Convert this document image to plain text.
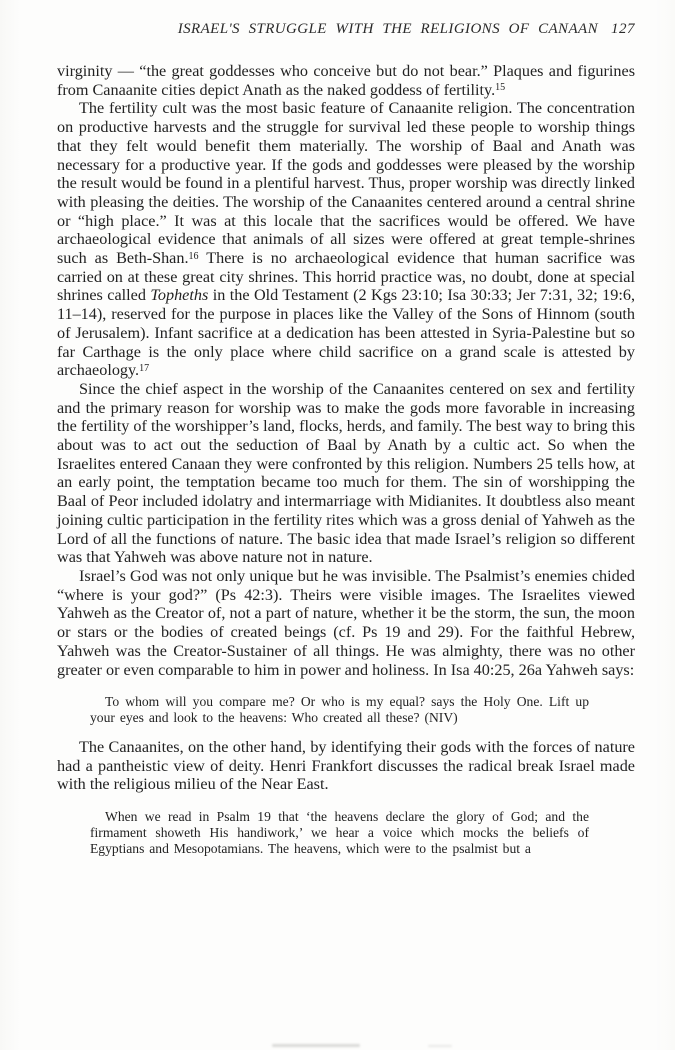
ISRAEL'S STRUGGLE WITH THE RELIGIONS OF CANAAN 127

virginity — “the great goddesses who conceive but do not bear.” Plaques and figurines from Canaanite cities depict Anath as the naked goddess of fertility.$^{15}$

The fertility cult was the most basic feature of Canaanite religion. The concentration on productive harvests and the struggle for survival led these people to worship things that they felt would benefit them materially. The worship of Baal and Anath was necessary for a productive year. If the gods and goddesses were pleased by the worship the result would be found in a plentiful harvest. Thus, proper worship was directly linked with pleasing the deities. The worship of the Canaanites centered around a central shrine or “high place.” It was at this locale that the sacrifices would be offered. We have archaeological evidence that animals of all sizes were offered at great temple-shrines such as Beth-Shan.$^{16}$ There is no archaeological evidence that human sacrifice was carried on at these great city shrines. This horrid practice was, no doubt, done at special shrines called Topheths in the Old Testament (2 Kgs 23:10; Isa 30:33; Jer 7:31, 32; 19:6, 11–14), reserved for the purpose in places like the Valley of the Sons of Hinnom (south of Jerusalem). Infant sacrifice at a dedication has been attested in Syria-Palestine but so far Carthage is the only place where child sacrifice on a grand scale is attested by archaeology.$^{17}$

Since the chief aspect in the worship of the Canaanites centered on sex and fertility and the primary reason for worship was to make the gods more favorable in increasing the fertility of the worshipper’s land, flocks, herds, and family. The best way to bring this about was to act out the seduction of Baal by Anath by a cultic act. So when the Israelites entered Canaan they were confronted by this religion. Numbers 25 tells how, at an early point, the temptation became too much for them. The sin of worshipping the Baal of Peor included idolatry and intermarriage with Midianites. It doubtless also meant joining cultic participation in the fertility rites which was a gross denial of Yahweh as the Lord of all the functions of nature. The basic idea that made Israel’s religion so different was that Yahweh was above nature not in nature.

Israel’s God was not only unique but he was invisible. The Psalmist’s enemies chided “where is your god?” (Ps 42:3). Theirs were visible images. The Israelites viewed Yahweh as the Creator of, not a part of nature, whether it be the storm, the sun, the moon or stars or the bodies of created beings (cf. Ps 19 and 29). For the faithful Hebrew, Yahweh was the Creator-Sustainer of all things. He was almighty, there was no other greater or even comparable to him in power and holiness. In Isa 40:25, 26a Yahweh says:

To whom will you compare me? Or who is my equal? says the Holy One. Lift up your eyes and look to the heavens: Who created all these? (NIV)

The Canaanites, on the other hand, by identifying their gods with the forces of nature had a pantheistic view of deity. Henri Frankfort discusses the radical break Israel made with the religious milieu of the Near East.

When we read in Psalm 19 that ‘the heavens declare the glory of God; and the firmament showeth His handiwork,’ we hear a voice which mocks the beliefs of Egyptians and Mesopotamians. The heavens, which were to the psalmist but a
